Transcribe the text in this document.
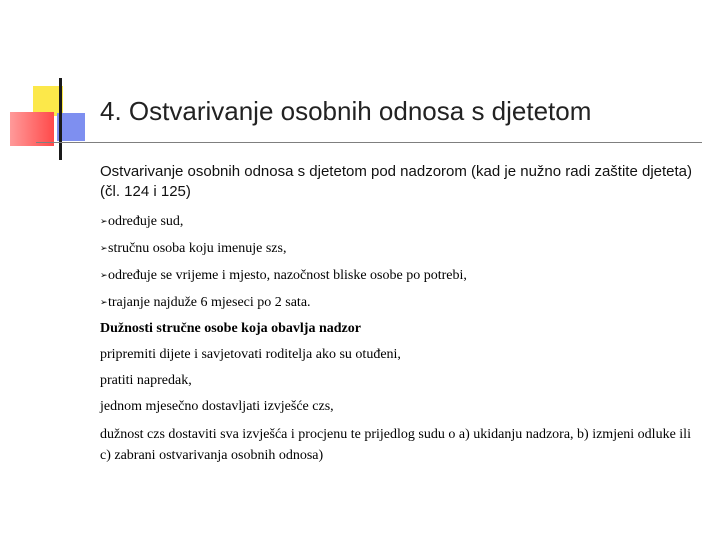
4. Ostvarivanje osobnih odnosa s djetetom
Ostvarivanje osobnih odnosa s djetetom pod nadzorom (kad je nužno radi zaštite djeteta) (čl. 124 i 125)
➢određuje sud,
➢stručnu osoba koju imenuje szs,
➢određuje se vrijeme i mjesto, nazočnost bliske osobe po potrebi,
➢trajanje najduže 6 mjeseci po 2 sata.
Dužnosti stručne osobe koja obavlja nadzor
pripremiti dijete i savjetovati roditelja ako su otuđeni,
pratiti napredak,
jednom mjesečno dostavljati izvješće czs,
dužnost czs dostaviti sva izvješća i procjenu te prijedlog sudu o a) ukidanju nadzora, b) izmjeni odluke ili c) zabrani ostvarivanja osobnih odnosa)
